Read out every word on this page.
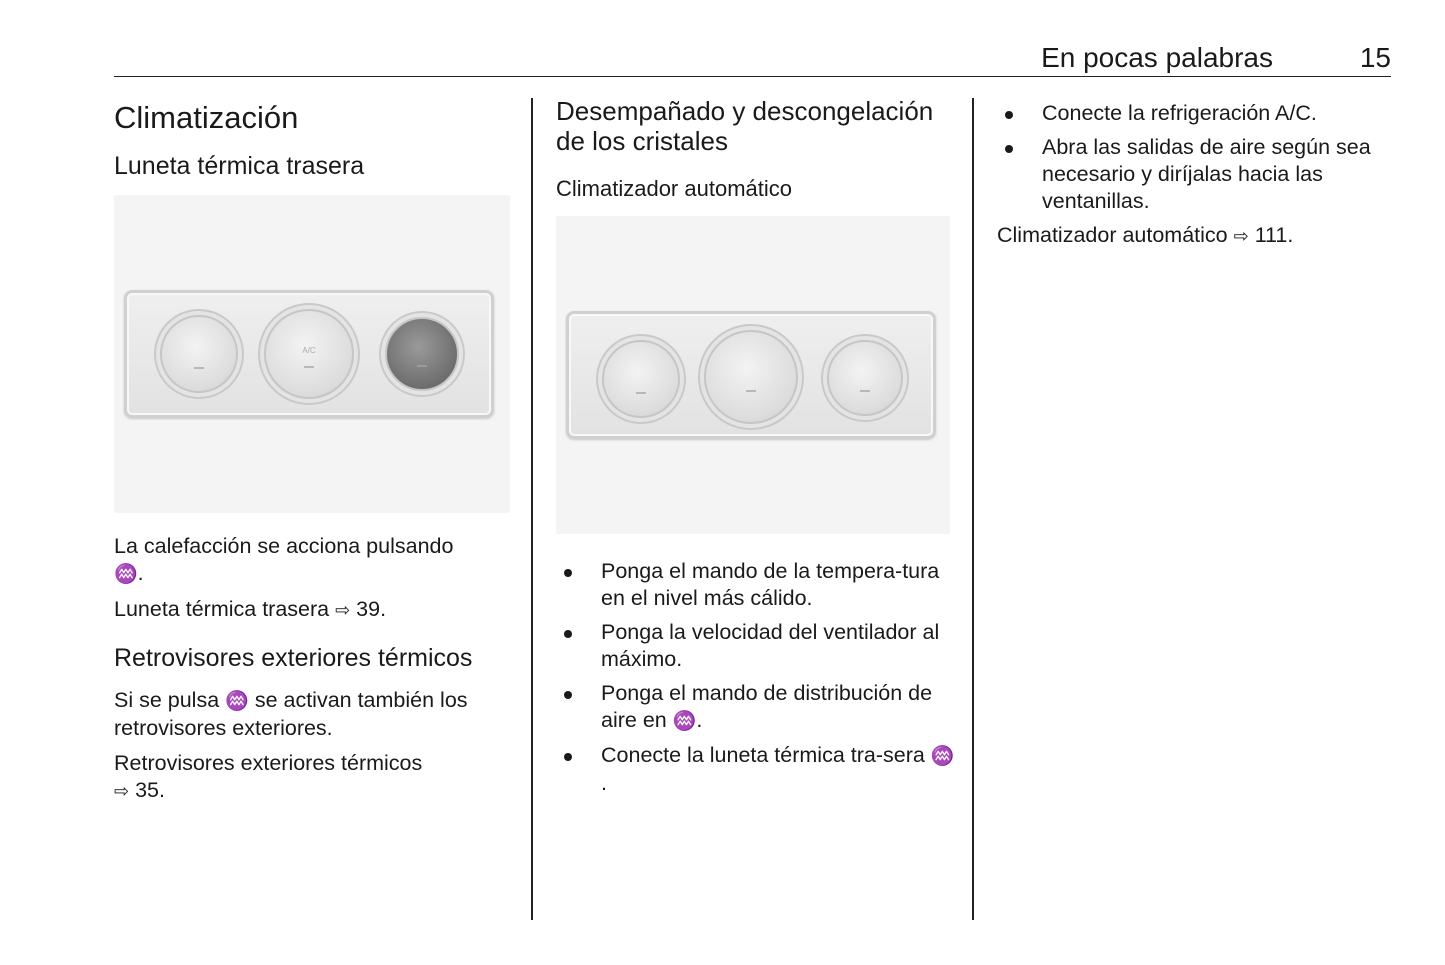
En pocas palabras	15
Climatización
Luneta térmica trasera
A/C

La calefacción se acciona pulsando
♒.

Luneta térmica trasera ⇨ 39.

Retrovisores exteriores térmicos

Si se pulsa ♒ se activan también los retrovisores exteriores.

Retrovisores exteriores térmicos
⇨ 35.

Desempañado y descongelación de los cristales
Climatizador automático
Ponga el mando de la tempera-tura en el nivel más cálido.
Ponga la velocidad del ventilador al máximo.
Ponga el mando de distribución de aire en ♒.
Conecte la luneta térmica tra-sera ♒.
Conecte la refrigeración A/C.
Abra las salidas de aire según sea necesario y diríjalas hacia las ventanillas.

Climatizador automático ⇨ 111.
